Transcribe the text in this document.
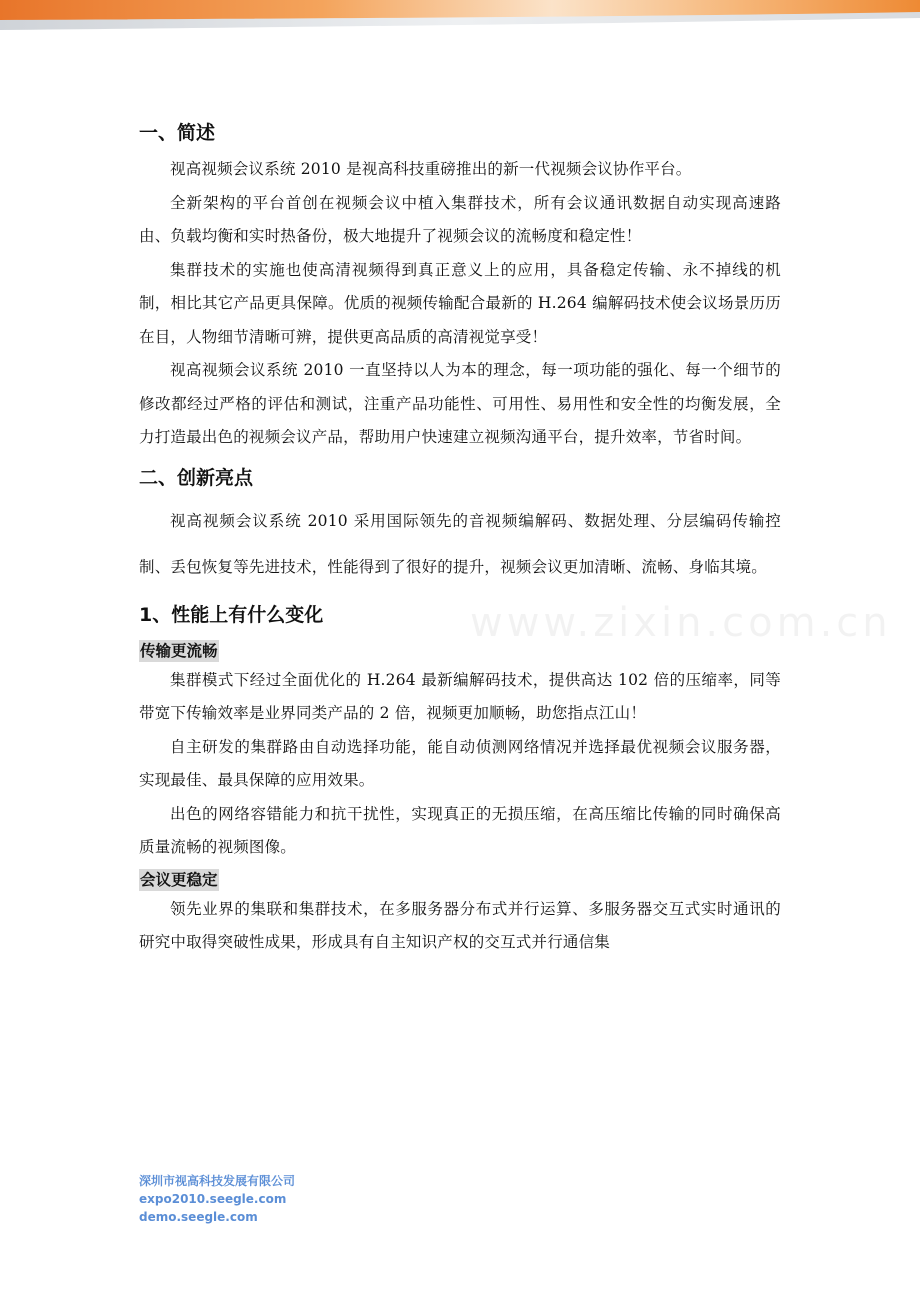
www.zixin.com.cn
一、简述

视高视频会议系统 2010 是视高科技重磅推出的新一代视频会议协作平台。

全新架构的平台首创在视频会议中植入集群技术，所有会议通讯数据自动实现高速路由、负载均衡和实时热备份，极大地提升了视频会议的流畅度和稳定性！

集群技术的实施也使高清视频得到真正意义上的应用，具备稳定传输、永不掉线的机制，相比其它产品更具保障。优质的视频传输配合最新的 H.264 编解码技术使会议场景历历在目，人物细节清晰可辨，提供更高品质的高清视觉享受！

视高视频会议系统 2010 一直坚持以人为本的理念，每一项功能的强化、每一个细节的修改都经过严格的评估和测试，注重产品功能性、可用性、易用性和安全性的均衡发展，全力打造最出色的视频会议产品，帮助用户快速建立视频沟通平台，提升效率，节省时间。

二、创新亮点

视高视频会议系统 2010 采用国际领先的音视频编解码、数据处理、分层编码传输控制、丢包恢复等先进技术，性能得到了很好的提升，视频会议更加清晰、流畅、身临其境。

1、性能上有什么变化
传输更流畅

集群模式下经过全面优化的 H.264 最新编解码技术，提供高达 102 倍的压缩率，同等带宽下传输效率是业界同类产品的 2 倍，视频更加顺畅，助您指点江山！

自主研发的集群路由自动选择功能，能自动侦测网络情况并选择最优视频会议服务器，实现最佳、最具保障的应用效果。

出色的网络容错能力和抗干扰性，实现真正的无损压缩，在高压缩比传输的同时确保高质量流畅的视频图像。

会议更稳定

领先业界的集联和集群技术，在多服务器分布式并行运算、多服务器交互式实时通讯的研究中取得突破性成果，形成具有自主知识产权的交互式并行通信集

深圳市视高科技发展有限公司
expo2010.seegle.com
demo.seegle.com
